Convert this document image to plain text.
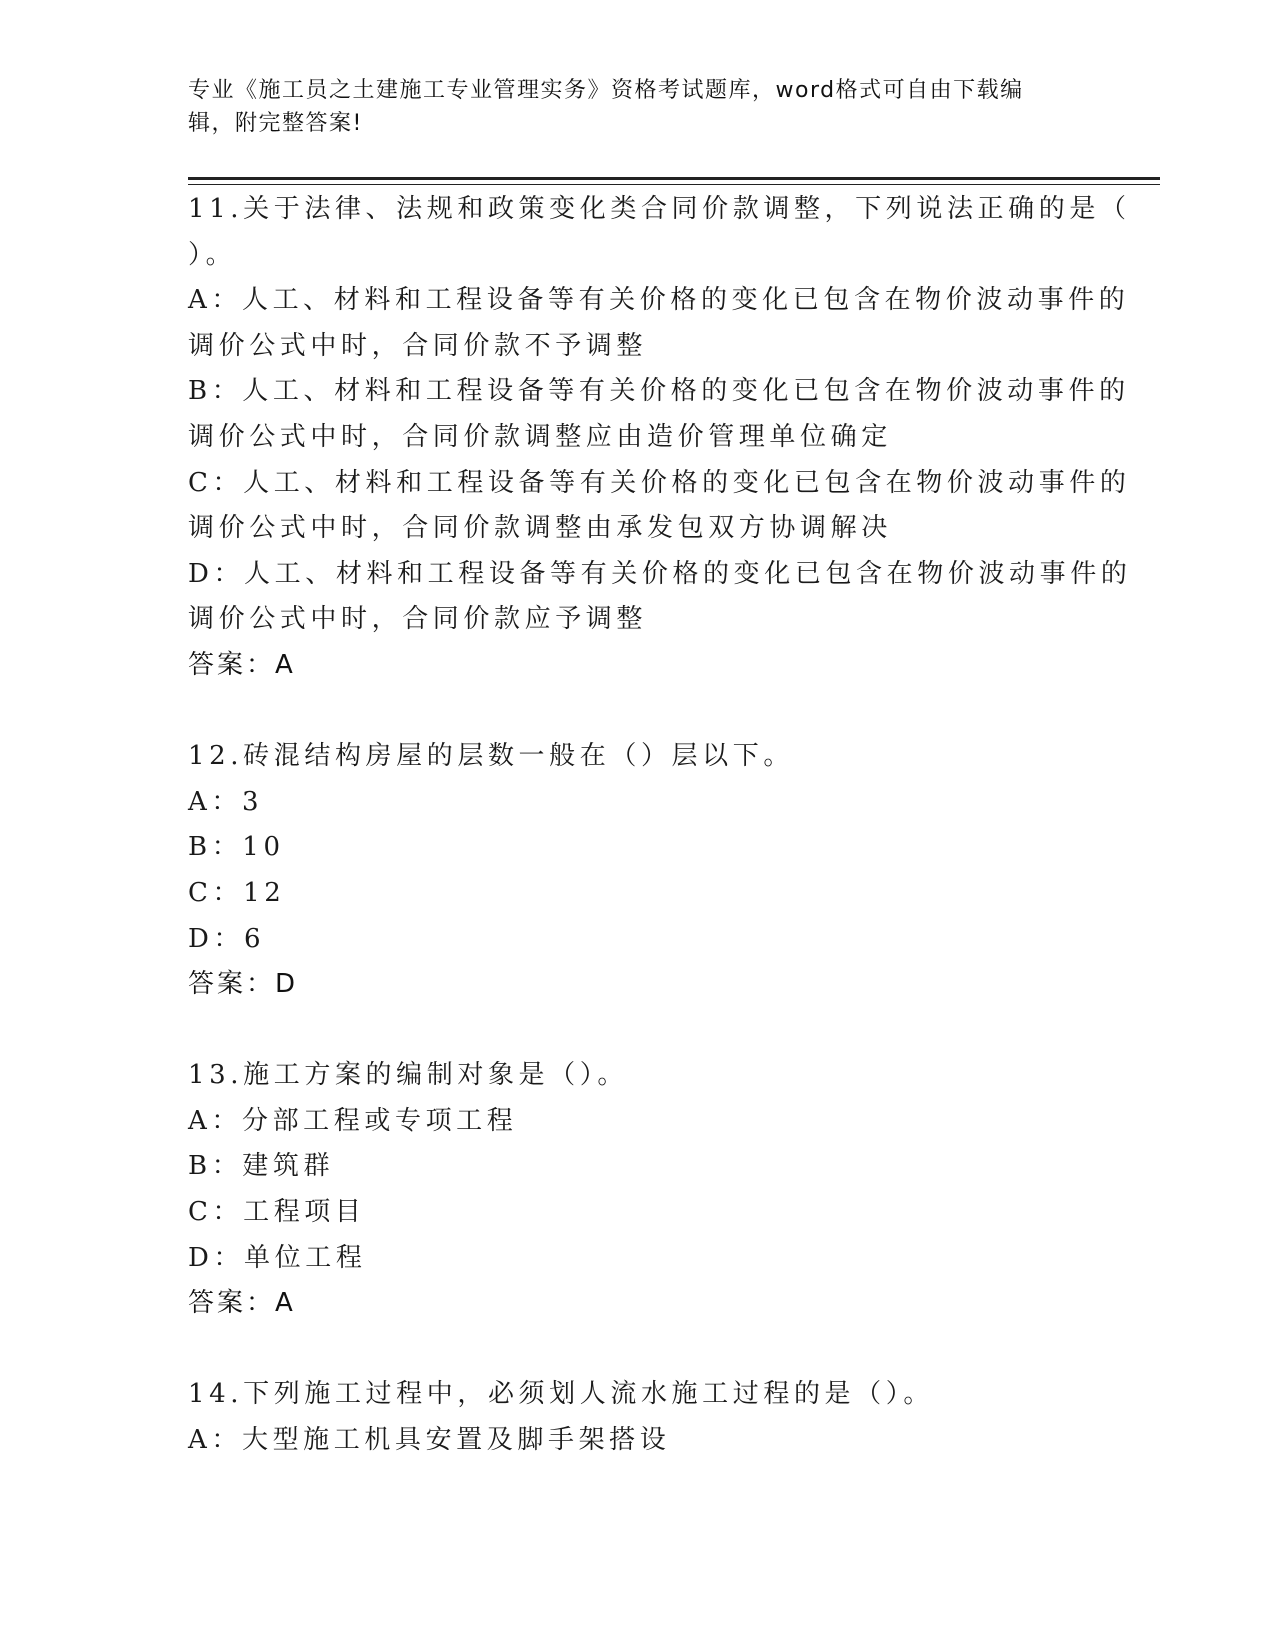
专业《施工员之土建施工专业管理实务》资格考试题库，word格式可自由下载编
辑，附完整答案!
11.关于法律、法规和政策变化类合同价款调整，下列说法正确的是（
）。
A：人工、材料和工程设备等有关价格的变化已包含在物价波动事件的
调价公式中时，合同价款不予调整
B：人工、材料和工程设备等有关价格的变化已包含在物价波动事件的
调价公式中时，合同价款调整应由造价管理单位确定
C：人工、材料和工程设备等有关价格的变化已包含在物价波动事件的
调价公式中时，合同价款调整由承发包双方协调解决
D：人工、材料和工程设备等有关价格的变化已包含在物价波动事件的
调价公式中时，合同价款应予调整
答案：A
12.砖混结构房屋的层数一般在（）层以下。
A：3
B：10
C：12
D：6
答案：D
13.施工方案的编制对象是（）。
A：分部工程或专项工程
B：建筑群
C：工程项目
D：单位工程
答案：A
14.下列施工过程中，必须划人流水施工过程的是（）。
A：大型施工机具安置及脚手架搭设
